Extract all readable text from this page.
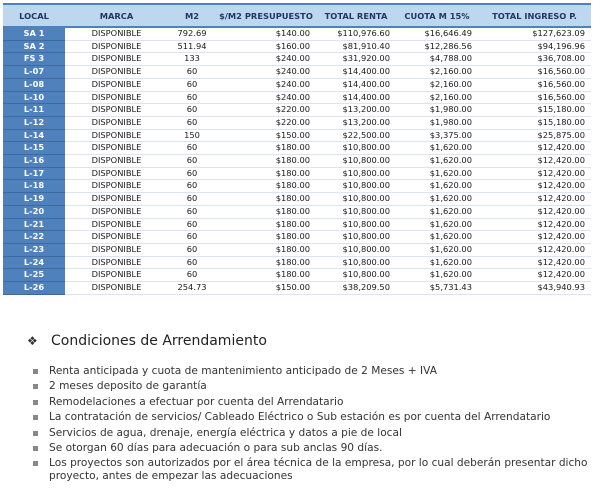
LOCAL	MARCA	M2	$/M2 PRESUPUESTO	TOTAL RENTA	CUOTA M 15%	TOTAL INGRESO P.
SA 1	DISPONIBLE	792.69	$140.00	$110,976.60	$16,646.49	$127,623.09
SA 2	DISPONIBLE	511.94	$160.00	$81,910.40	$12,286.56	$94,196.96
FS 3	DISPONIBLE	133	$240.00	$31,920.00	$4,788.00	$36,708.00
L-07	DISPONIBLE	60	$240.00	$14,400.00	$2,160.00	$16,560.00
L-08	DISPONIBLE	60	$240.00	$14,400.00	$2,160.00	$16,560.00
L-10	DISPONIBLE	60	$240.00	$14,400.00	$2,160.00	$16,560.00
L-11	DISPONIBLE	60	$220.00	$13,200.00	$1,980.00	$15,180.00
L-12	DISPONIBLE	60	$220.00	$13,200.00	$1,980.00	$15,180.00
L-14	DISPONIBLE	150	$150.00	$22,500.00	$3,375.00	$25,875.00
L-15	DISPONIBLE	60	$180.00	$10,800.00	$1,620.00	$12,420.00
L-16	DISPONIBLE	60	$180.00	$10,800.00	$1,620.00	$12,420.00
L-17	DISPONIBLE	60	$180.00	$10,800.00	$1,620.00	$12,420.00
L-18	DISPONIBLE	60	$180.00	$10,800.00	$1,620.00	$12,420.00
L-19	DISPONIBLE	60	$180.00	$10,800.00	$1,620.00	$12,420.00
L-20	DISPONIBLE	60	$180.00	$10,800.00	$1,620.00	$12,420.00
L-21	DISPONIBLE	60	$180.00	$10,800.00	$1,620.00	$12,420.00
L-22	DISPONIBLE	60	$180.00	$10,800.00	$1,620.00	$12,420.00
L-23	DISPONIBLE	60	$180.00	$10,800.00	$1,620.00	$12,420.00
L-24	DISPONIBLE	60	$180.00	$10,800.00	$1,620.00	$12,420.00
L-25	DISPONIBLE	60	$180.00	$10,800.00	$1,620.00	$12,420.00
L-26	DISPONIBLE	254.73	$150.00	$38,209.50	$5,731.43	$43,940.93
❖ Condiciones de Arrendamiento
Renta anticipada y cuota de mantenimiento anticipado de 2 Meses + IVA
2 meses deposito de garantía
Remodelaciones a efectuar por cuenta del Arrendatario
La contratación de servicios/ Cableado Eléctrico o Sub estación es por cuenta del Arrendatario
Servicios de agua, drenaje, energía eléctrica y datos a pie de local
Se otorgan 60 días para adecuación o para sub anclas 90 días.
Los proyectos son autorizados por el área técnica de la empresa, por lo cual deberán presentar dicho proyecto, antes de empezar las adecuaciones
